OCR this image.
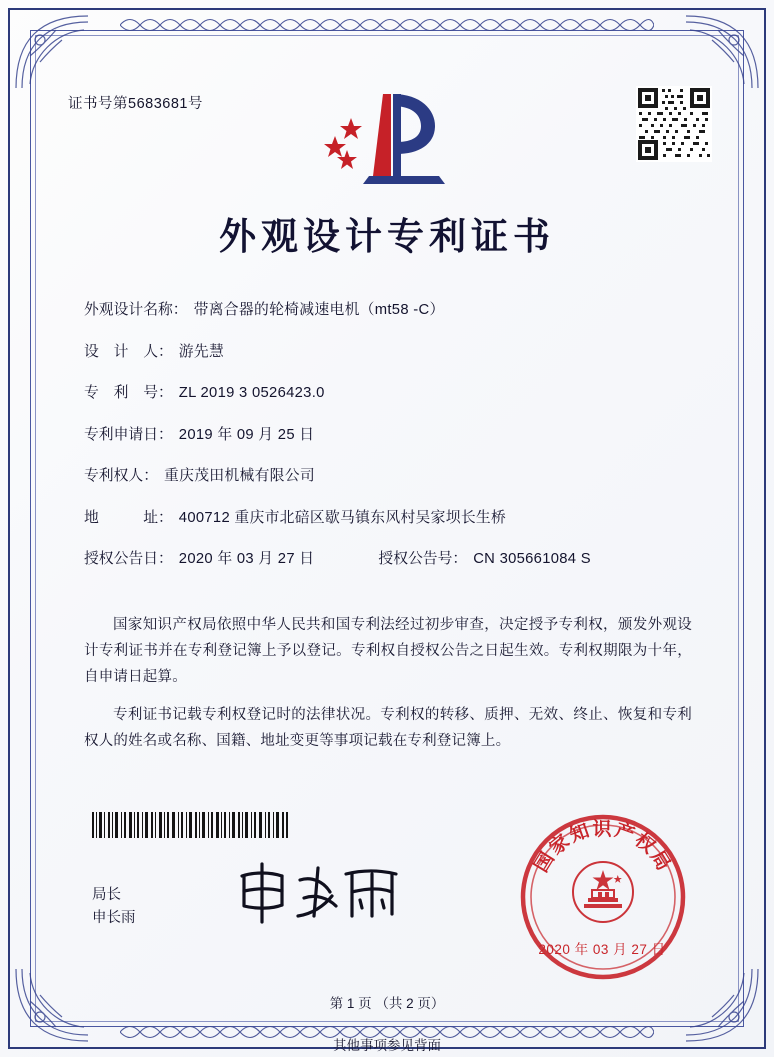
证书号第5683681号
外观设计专利证书
外观设计名称： 带离合器的轮椅减速电机（mt58 -C）
设　计　人： 游先慧
专　利　号： ZL 2019 3 0526423.0
专利申请日： 2019 年 09 月 25 日
专利权人： 重庆茂田机械有限公司
地　　　址： 400712 重庆市北碚区歇马镇东风村吴家坝长生桥
授权公告日： 2020 年 03 月 27 日	授权公告号： CN 305661084 S

国家知识产权局依照中华人民共和国专利法经过初步审查，决定授予专利权，颁发外观设计专利证书并在专利登记簿上予以登记。专利权自授权公告之日起生效。专利权期限为十年，自申请日起算。

专利证书记载专利权登记时的法律状况。专利权的转移、质押、无效、终止、恢复和专利权人的姓名或名称、国籍、地址变更等事项记载在专利登记簿上。

局长
申长雨
国家知识产权局
2020 年 03 月 27 日
第 1 页 （共 2 页）
其他事项参见背面
